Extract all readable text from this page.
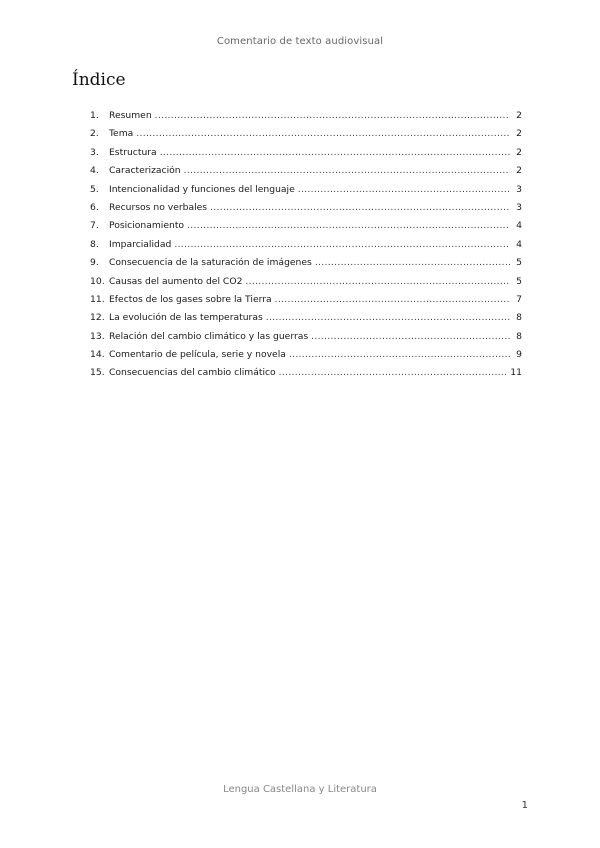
Comentario de texto audiovisual
Índice
1.	Resumen .....	2
2.	Tema .....	2
3.	Estructura .....	2
4.	Caracterización .....	2
5.	Intencionalidad y funciones del lenguaje .....	3
6.	Recursos no verbales .....	3
7.	Posicionamiento .....	4
8.	Imparcialidad .....	4
9.	Consecuencia de la saturación de imágenes .....	5
10. Causas del aumento del CO2 .....	5
11. Efectos de los gases sobre la Tierra .....	7
12. La evolución de las temperaturas .....	8
13. Relación del cambio climático y las guerras .....	8
14. Comentario de película, serie y novela .....	9
15. Consecuencias del cambio climático .....	11
Lengua Castellana y Literatura
1
